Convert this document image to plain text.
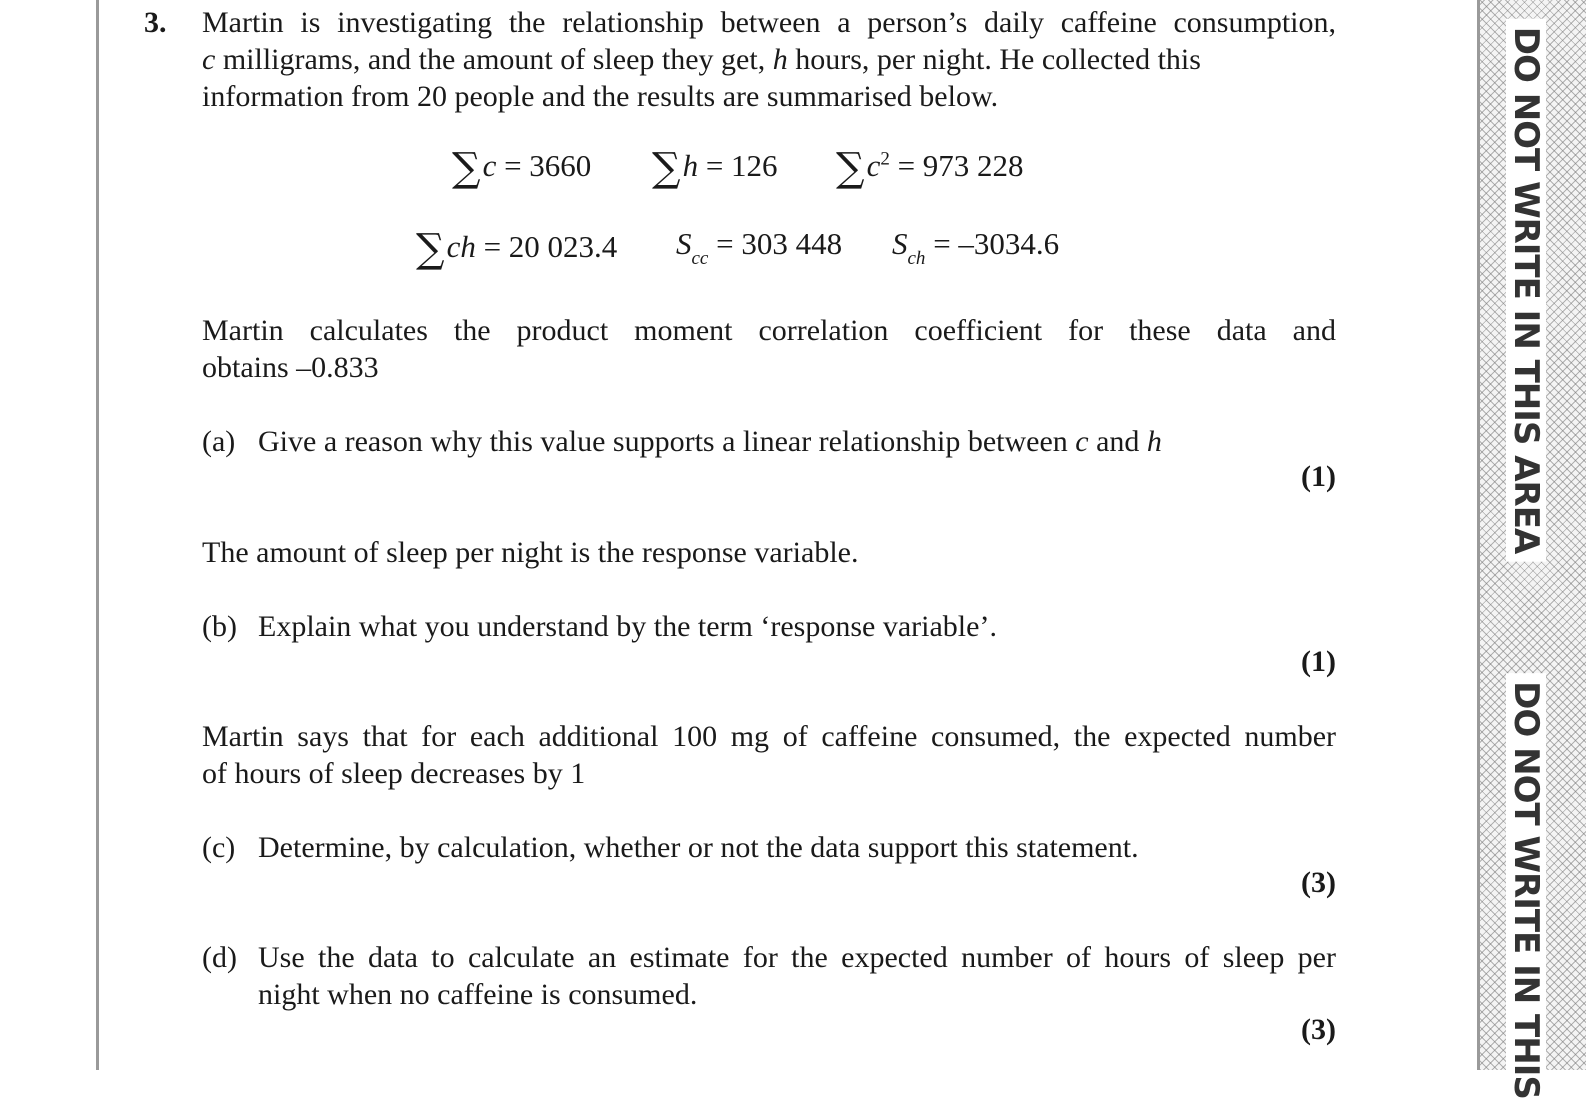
DO NOT WRITE IN THIS AREA
DO NOT WRITE IN THIS
3. Martin is investigating the relationship between a person’s daily caffeine consumption,
c milligrams, and the amount of sleep they get, h hours, per night. He collected this
information from 20 people and the results are summarised below.
∑c = 3660 ∑h = 126 $\sum c^2 = 973$ 228
∑ch = 20 023.4 $S_{cc} = 303$ 448 $S_{ch} = -3034.6$
Martin calculates the product moment correlation coefficient for these data and
obtains –0.833
(a) Give a reason why this value supports a linear relationship between c and h
(1)
The amount of sleep per night is the response variable.
(b) Explain what you understand by the term ‘response variable’.
(1)
Martin says that for each additional 100 mg of caffeine consumed, the expected number
of hours of sleep decreases by 1
(c) Determine, by calculation, whether or not the data support this statement.
(3)
(d) Use the data to calculate an estimate for the expected number of hours of sleep per
night when no caffeine is consumed.
(3)
